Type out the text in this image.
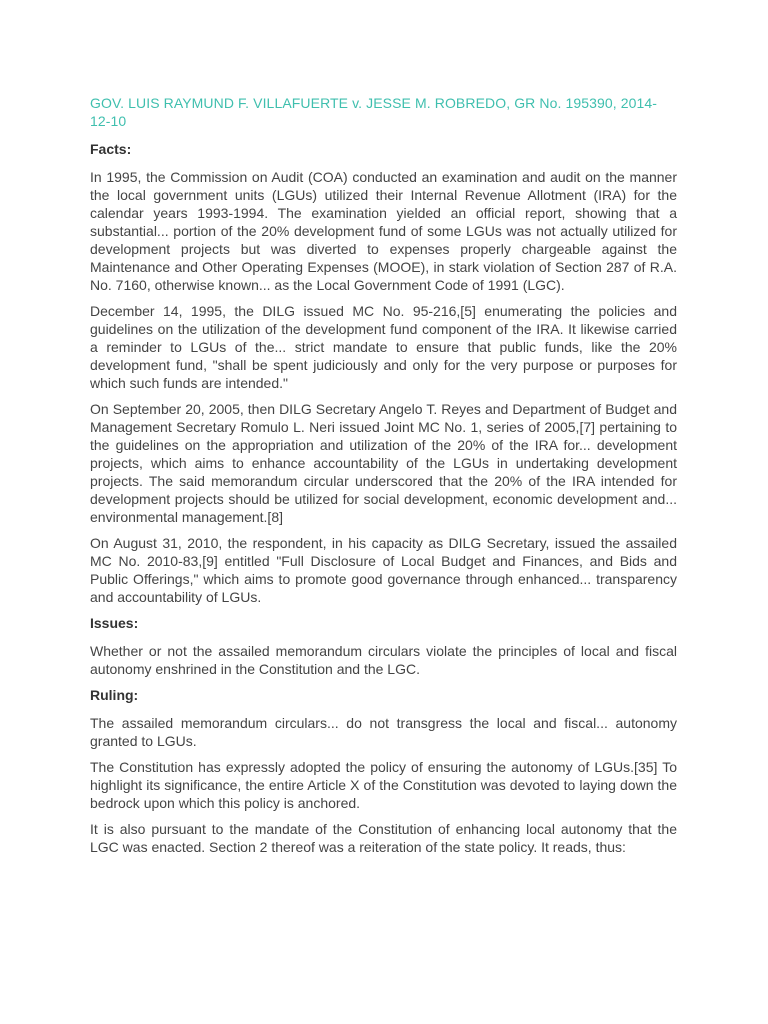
GOV. LUIS RAYMUND F. VILLAFUERTE v. JESSE M. ROBREDO, GR No. 195390, 2014-12-10
Facts:

In 1995, the Commission on Audit (COA) conducted an examination and audit on the manner the local government units (LGUs) utilized their Internal Revenue Allotment (IRA) for the calendar years 1993-1994. The examination yielded an official report, showing that a substantial... portion of the 20% development fund of some LGUs was not actually utilized for development projects but was diverted to expenses properly chargeable against the Maintenance and Other Operating Expenses (MOOE), in stark violation of Section 287 of R.A. No. 7160, otherwise known... as the Local Government Code of 1991 (LGC).

December 14, 1995, the DILG issued MC No. 95-216,[5] enumerating the policies and guidelines on the utilization of the development fund component of the IRA. It likewise carried a reminder to LGUs of the... strict mandate to ensure that public funds, like the 20% development fund, "shall be spent judiciously and only for the very purpose or purposes for which such funds are intended."

On September 20, 2005, then DILG Secretary Angelo T. Reyes and Department of Budget and Management Secretary Romulo L. Neri issued Joint MC No. 1, series of 2005,[7] pertaining to the guidelines on the appropriation and utilization of the 20% of the IRA for... development projects, which aims to enhance accountability of the LGUs in undertaking development projects. The said memorandum circular underscored that the 20% of the IRA intended for development projects should be utilized for social development, economic development and... environmental management.[8]

On August 31, 2010, the respondent, in his capacity as DILG Secretary, issued the assailed MC No. 2010-83,[9] entitled "Full Disclosure of Local Budget and Finances, and Bids and Public Offerings," which aims to promote good governance through enhanced... transparency and accountability of LGUs.

Issues:

Whether or not the assailed memorandum circulars violate the principles of local and fiscal autonomy enshrined in the Constitution and the LGC.

Ruling:

The assailed memorandum circulars... do not transgress the local and fiscal... autonomy granted to LGUs.

The Constitution has expressly adopted the policy of ensuring the autonomy of LGUs.[35] To highlight its significance, the entire Article X of the Constitution was devoted to laying down the bedrock upon which this policy is anchored.

It is also pursuant to the mandate of the Constitution of enhancing local autonomy that the LGC was enacted. Section 2 thereof was a reiteration of the state policy. It reads, thus:
